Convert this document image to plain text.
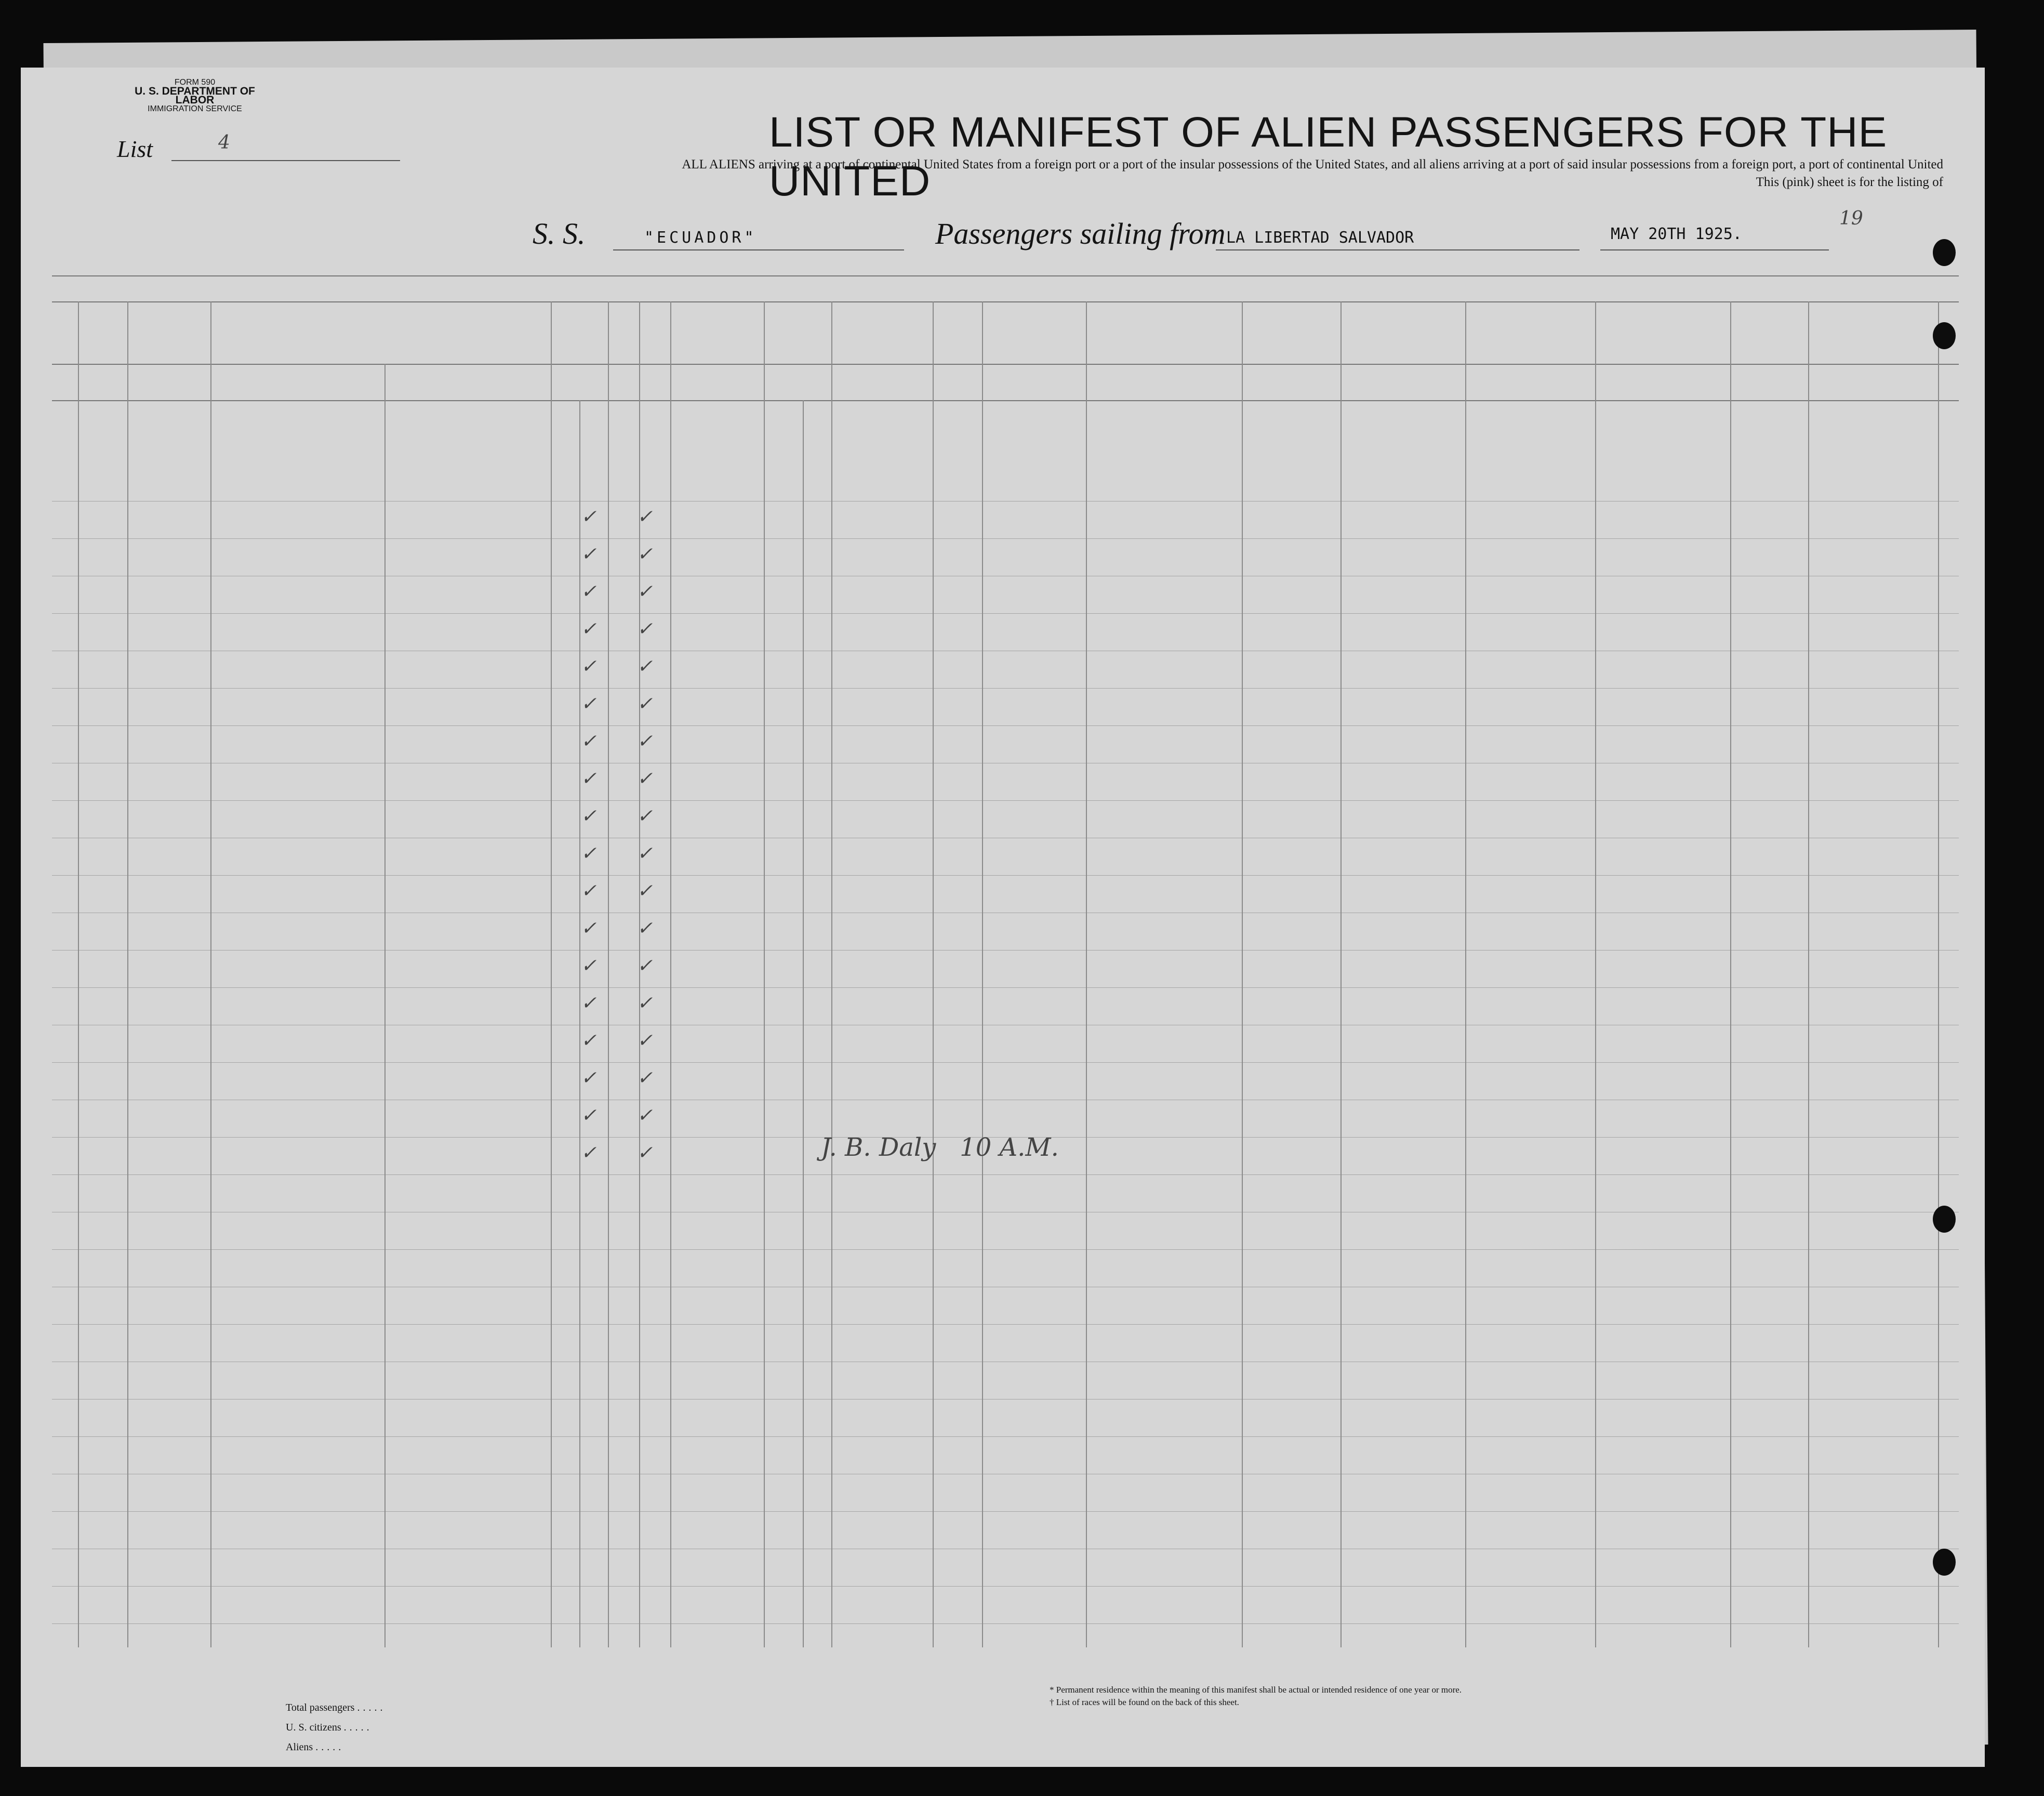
FORM 590
U. S. DEPARTMENT OF LABOR
IMMIGRATION SERVICE
List	4	LIST OR MANIFEST OF ALIEN PASSENGERS FOR THE UNITED
ALL ALIENS arriving at a port of continental United States from a foreign port or a port of the insular possessions of the United States, and all aliens arriving at a port of said insular possessions from a foreign port, a port of continental United
This (pink) sheet is for the listing of
S. S.	"ECUADOR"	Passengers sailing from LA LIBERTAD SALVADOR	MAY 20TH 1925.
19
✓ ✓
✓ ✓
✓ ✓
✓ ✓
✓ ✓
✓ ✓
✓ ✓
✓ ✓
✓ ✓
✓ ✓
✓ ✓
✓ ✓
✓ ✓
✓ ✓
✓ ✓
✓ ✓
✓ ✓
✓ ✓	J. B. Daly   10 A.M.
Total passengers .....
U. S. citizens .....
Aliens .....
* Permanent residence within the meaning of this manifest shall be actual or intended residence of one year or more.
† List of races will be found on the back of this sheet.
